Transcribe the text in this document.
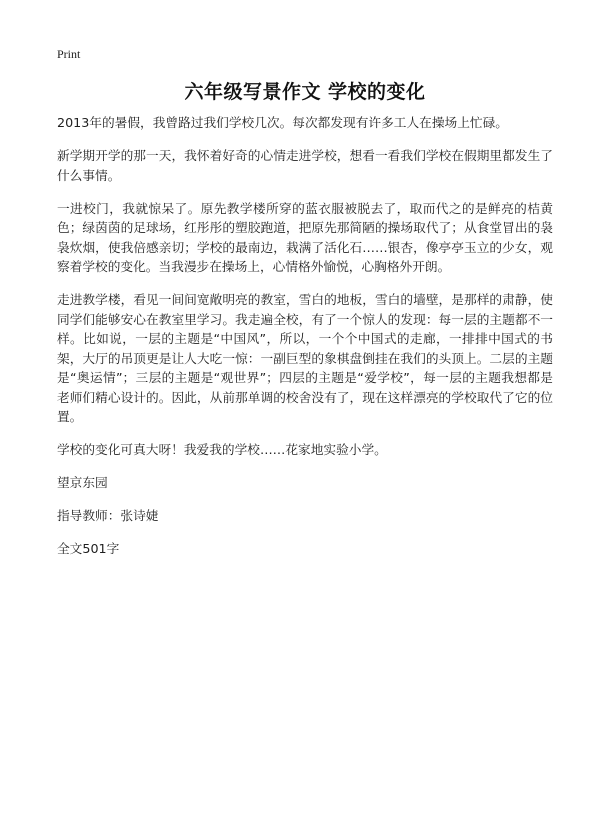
Print
六年级写景作文 学校的变化

2013年的暑假，我曾路过我们学校几次。每次都发现有许多工人在操场上忙碌。

新学期开学的那一天，我怀着好奇的心情走进学校，想看一看我们学校在假期里都发生了什么事情。

一进校门，我就惊呆了。原先教学楼所穿的蓝衣服被脱去了，取而代之的是鲜亮的桔黄色；绿茵茵的足球场，红彤彤的塑胶跑道，把原先那简陋的操场取代了；从食堂冒出的袅袅炊烟，使我倍感亲切；学校的最南边，栽满了活化石……银杏，像亭亭玉立的少女，观察着学校的变化。当我漫步在操场上，心情格外愉悦，心胸格外开朗。

走进教学楼，看见一间间宽敞明亮的教室，雪白的地板，雪白的墙壁，是那样的肃静，使同学们能够安心在教室里学习。我走遍全校，有了一个惊人的发现：每一层的主题都不一样。比如说，一层的主题是“中国风”，所以，一个个中国式的走廊，一排排中国式的书架，大厅的吊顶更是让人大吃一惊：一副巨型的象棋盘倒挂在我们的头顶上。二层的主题是“奥运情”；三层的主题是“观世界”；四层的主题是“爱学校”，每一层的主题我想都是老师们精心设计的。因此，从前那单调的校舍没有了，现在这样漂亮的学校取代了它的位置。

学校的变化可真大呀！我爱我的学校……花家地实验小学。

望京东园

指导教师：张诗婕

全文501字
